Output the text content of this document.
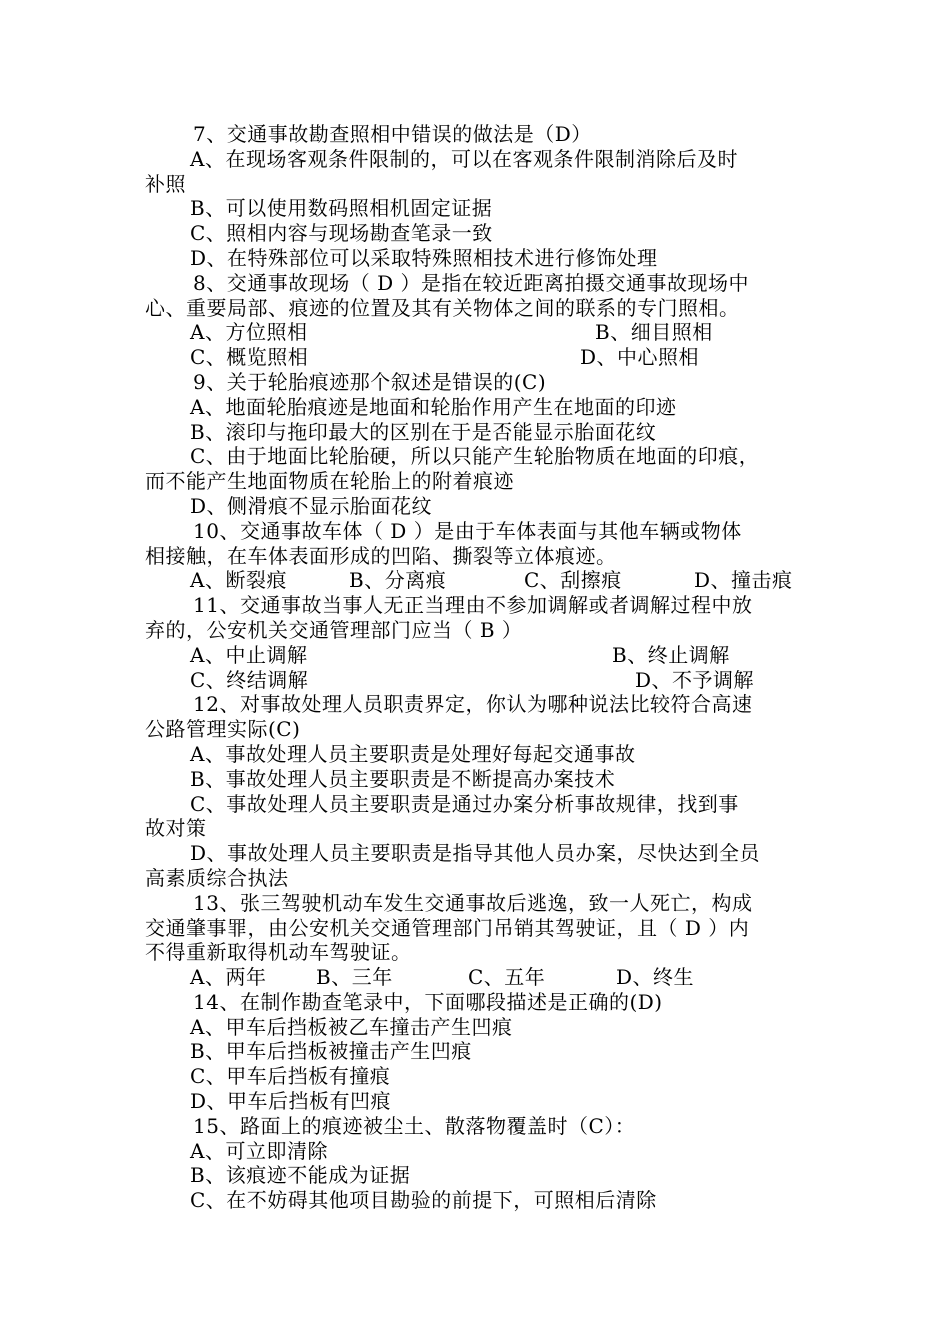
7、交通事故勘查照相中错误的做法是（D）
A、在现场客观条件限制的，可以在客观条件限制消除后及时
补照
B、可以使用数码照相机固定证据
C、照相内容与现场勘查笔录一致
D、在特殊部位可以采取特殊照相技术进行修饰处理
8、交通事故现场（ D ）是指在较近距离拍摄交通事故现场中
心、重要局部、痕迹的位置及其有关物体之间的联系的专门照相。
A、方位照相	B、细目照相
C、概览照相	D、中心照相
9、关于轮胎痕迹那个叙述是错误的(C)
A、地面轮胎痕迹是地面和轮胎作用产生在地面的印迹
B、滚印与拖印最大的区别在于是否能显示胎面花纹
C、由于地面比轮胎硬，所以只能产生轮胎物质在地面的印痕，
而不能产生地面物质在轮胎上的附着痕迹
D、侧滑痕不显示胎面花纹
10、交通事故车体（ D ）是由于车体表面与其他车辆或物体
相接触，在车体表面形成的凹陷、撕裂等立体痕迹。
A、断裂痕	B、分离痕	C、刮擦痕	D、撞击痕
11、交通事故当事人无正当理由不参加调解或者调解过程中放
弃的，公安机关交通管理部门应当（ B ）
A、中止调解	B、终止调解
C、终结调解	D、不予调解
12、对事故处理人员职责界定，你认为哪种说法比较符合高速
公路管理实际(C)
A、事故处理人员主要职责是处理好每起交通事故
B、事故处理人员主要职责是不断提高办案技术
C、事故处理人员主要职责是通过办案分析事故规律，找到事
故对策
D、事故处理人员主要职责是指导其他人员办案，尽快达到全员
高素质综合执法
13、张三驾驶机动车发生交通事故后逃逸，致一人死亡，构成
交通肇事罪，由公安机关交通管理部门吊销其驾驶证，且（ D ）内
不得重新取得机动车驾驶证。
A、两年	B、三年	C、五年	D、终生
14、在制作勘查笔录中，下面哪段描述是正确的(D)
A、甲车后挡板被乙车撞击产生凹痕
B、甲车后挡板被撞击产生凹痕
C、甲车后挡板有撞痕
D、甲车后挡板有凹痕
15、路面上的痕迹被尘土、散落物覆盖时（C）：
A、可立即清除
B、该痕迹不能成为证据
C、在不妨碍其他项目勘验的前提下，可照相后清除
